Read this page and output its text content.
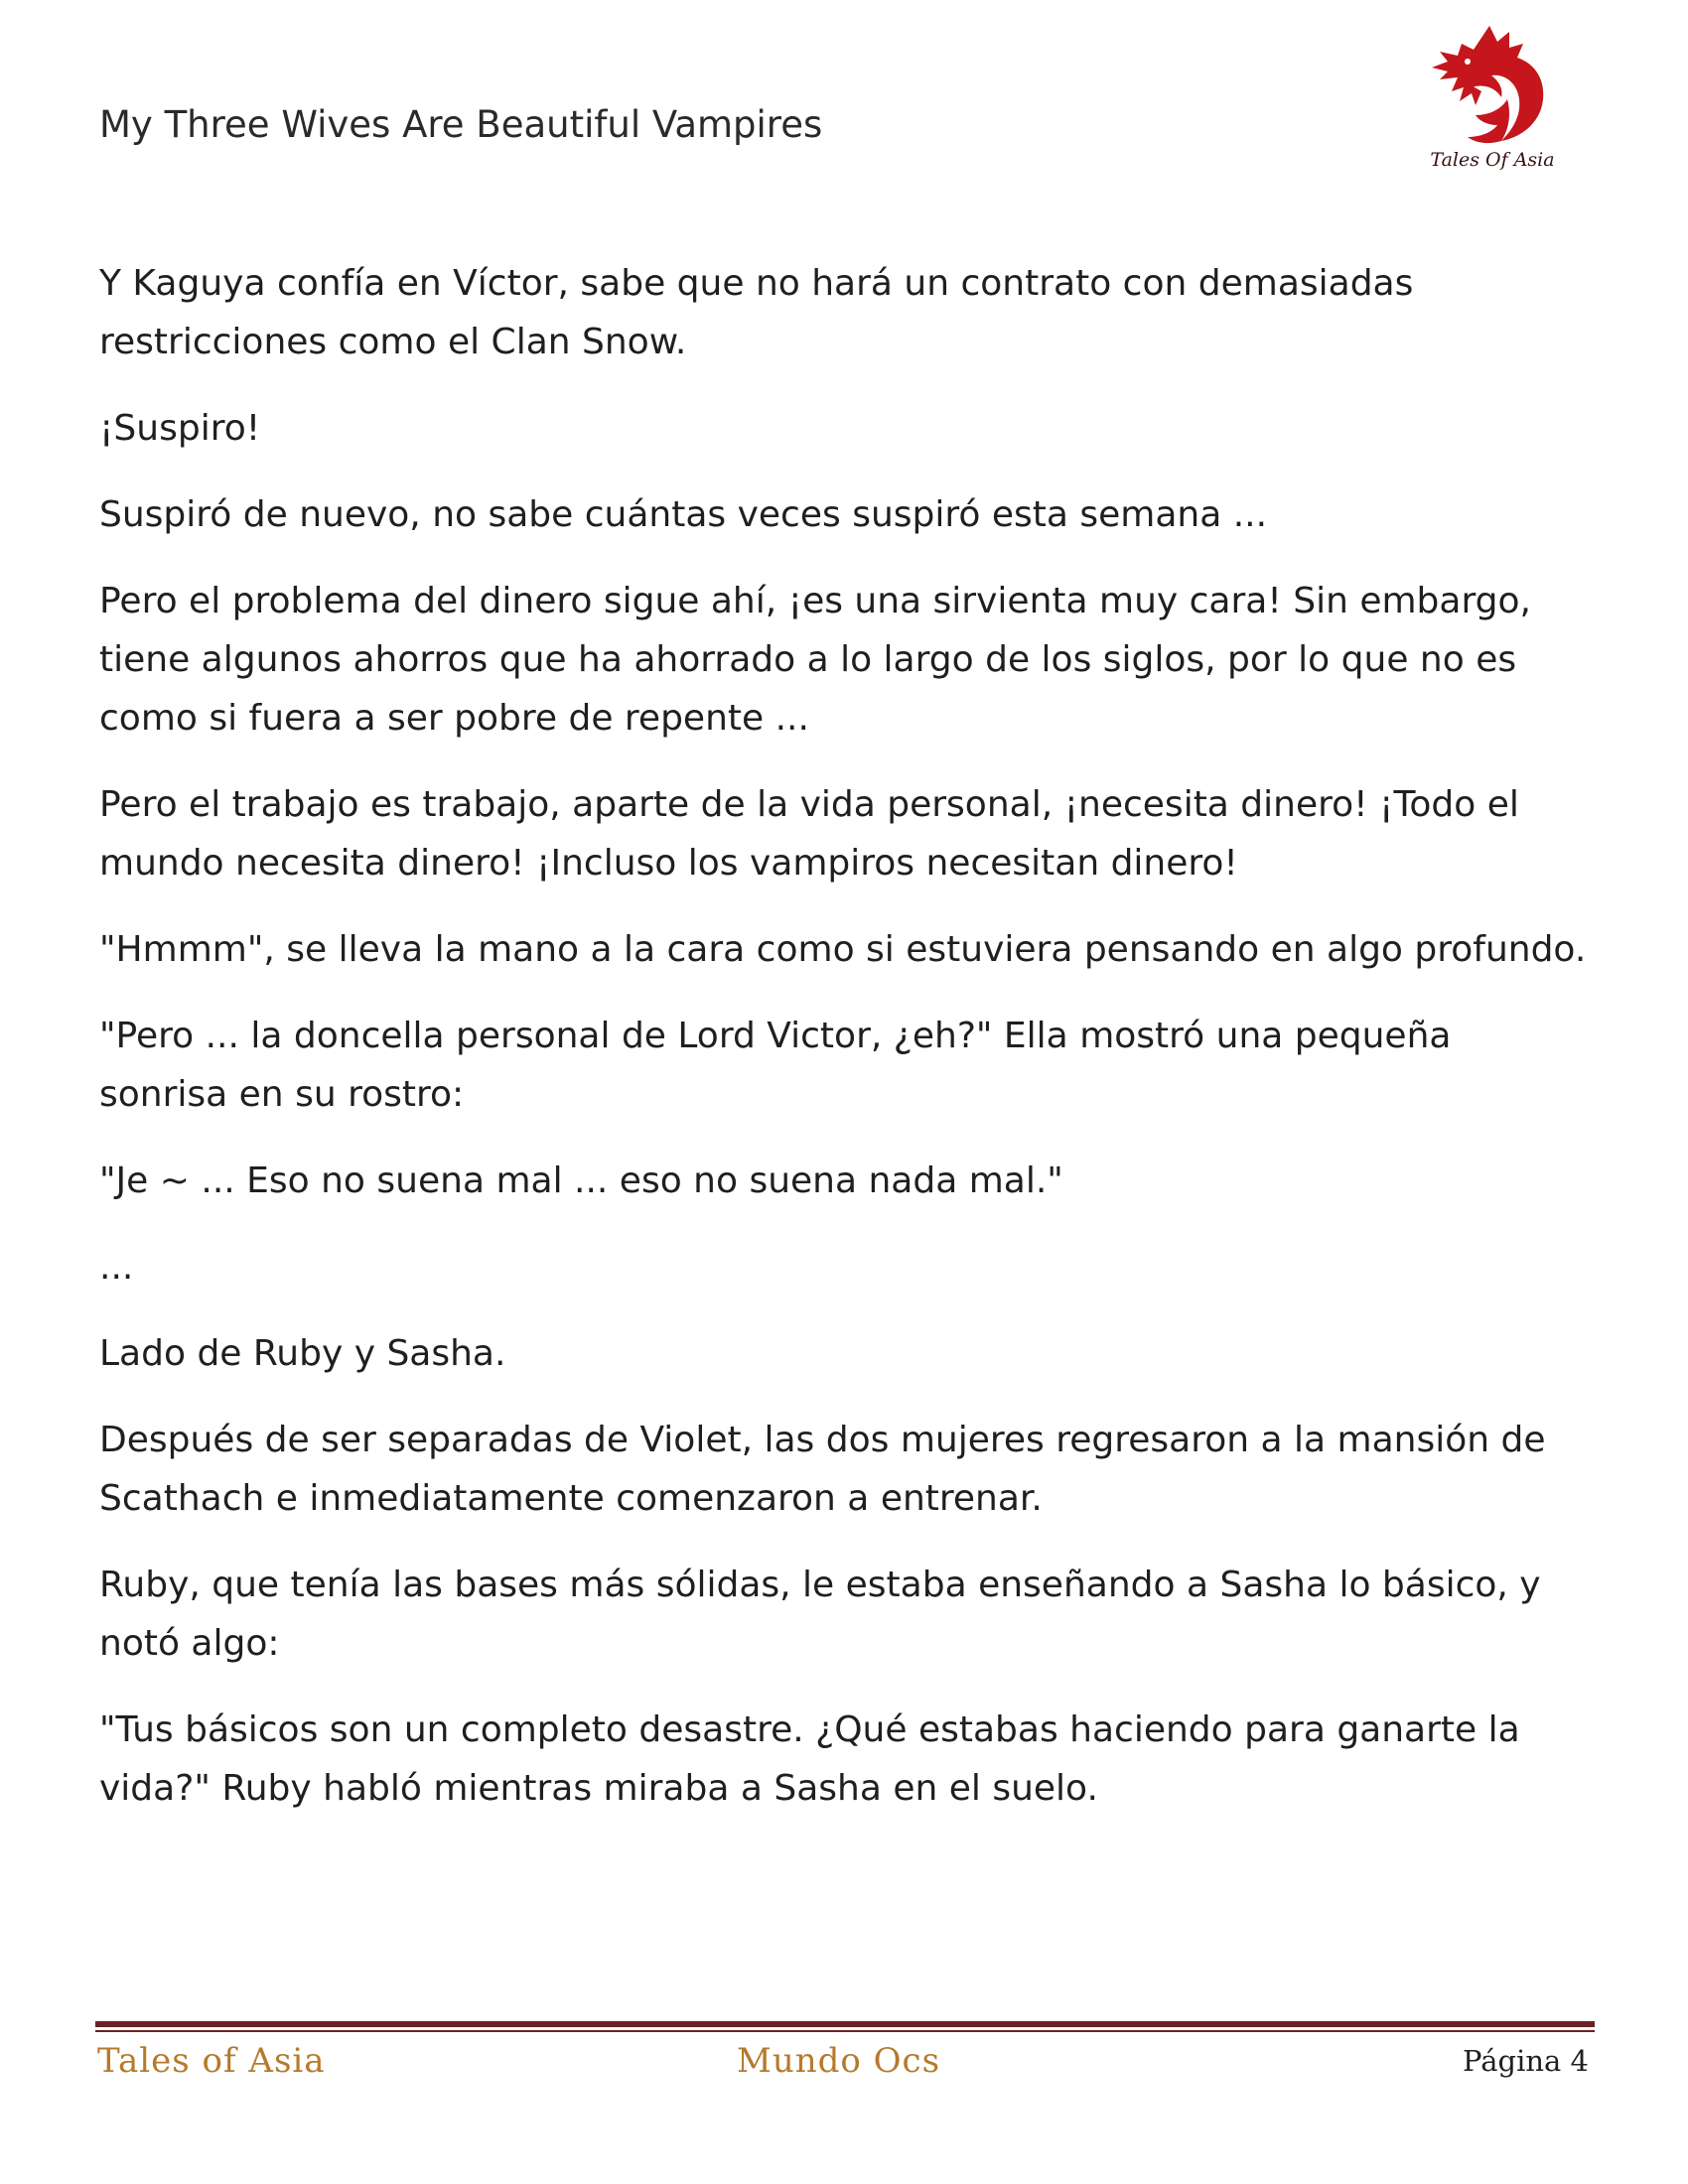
My Three Wives Are Beautiful Vampires
Tales Of Asia

Y Kaguya confía en Víctor, sabe que no hará un contrato con demasiadas restricciones como el Clan Snow.

¡Suspiro!

Suspiró de nuevo, no sabe cuántas veces suspiró esta semana ...

Pero el problema del dinero sigue ahí, ¡es una sirvienta muy cara! Sin embargo, tiene algunos ahorros que ha ahorrado a lo largo de los siglos, por lo que no es como si fuera a ser pobre de repente ...

Pero el trabajo es trabajo, aparte de la vida personal, ¡necesita dinero! ¡Todo el mundo necesita dinero! ¡Incluso los vampiros necesitan dinero!

"Hmmm", se lleva la mano a la cara como si estuviera pensando en algo profundo.

"Pero ... la doncella personal de Lord Victor, ¿eh?" Ella mostró una pequeña sonrisa en su rostro:

"Je ~ ... Eso no suena mal ... eso no suena nada mal."

...

Lado de Ruby y Sasha.

Después de ser separadas de Violet, las dos mujeres regresaron a la mansión de Scathach e inmediatamente comenzaron a entrenar.

Ruby, que tenía las bases más sólidas, le estaba enseñando a Sasha lo básico, y notó algo:

"Tus básicos son un completo desastre. ¿Qué estabas haciendo para ganarte la vida?" Ruby habló mientras miraba a Sasha en el suelo.

Tales of Asia	Mundo Ocs	Página 4
